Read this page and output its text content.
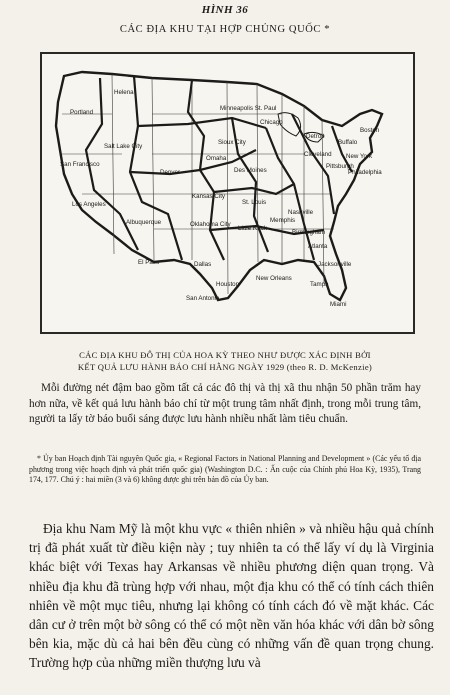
HÌNH 36
CÁC ĐỊA KHU TẠI HỢP CHỦNG QUỐC *
Helena
Portland
Minneapolis St. Paul
Chicago
Sioux City
Detroit
Salt Lake City
San Francisco
Denver
Omaha
Des Moines
Cleveland
Pittsburgh
Buffalo
Boston
New York
Philadelphia
Los Angeles
Kansas City
St. Louis
Nashville
Albuquerque	Oklahoma City
Little Rock
Memphis
Birmingham
Atlanta
El Paso	Dallas
Houston
New Orleans
San Antonio
Jacksonville
Tampa
Miami
CÁC ĐỊA KHU ĐÔ THỊ CỦA HOA KỲ THEO NHƯ ĐƯỢC XÁC ĐỊNH BỞI
KẾT QUẢ LƯU HÀNH BÁO CHÍ HẰNG NGÀY 1929 (theo R. D. McKenzie)
Mỗi đường nét đậm bao gồm tất cả các đô thị và thị xã thu nhận 50 phần trăm hay hơn nữa, về kết quả lưu hành báo chí từ một trung tâm nhất định, trong mỗi trung tâm, người ta lấy tờ báo buổi sáng được lưu hành nhiều nhất làm tiêu chuẩn.
* Ủy ban Hoạch định Tài nguyên Quốc gia, « Regional Factors in National Planning and Development » (Các yếu tố địa phương trong việc hoạch định và phát triển quốc gia) (Washington D.C. : Ấn cuộc của Chính phủ Hoa Kỳ, 1935), Trang 174, 177. Chú ý : hai miền (3 và 6) không được ghi trên bản đồ của Ủy ban.
Địa khu Nam Mỹ là một khu vực « thiên nhiên » và nhiều hậu quả chính trị đã phát xuất từ điều kiện này ; tuy nhiên ta có thể lấy ví dụ là Virginia khác biệt với Texas hay Arkansas về nhiều phương diện quan trọng. Và nhiều địa khu đã trùng hợp với nhau, một địa khu có thể có tính cách thiên nhiên về một mục tiêu, nhưng lại không có tính cách đó về mặt khác. Các dân cư ở trên một bờ sông có thể có một nền văn hóa khác với dân bờ sông bên kia, mặc dù cả hai bên đều cùng có những vấn đề quan trọng chung. Trường hợp của những miền thượng lưu và
